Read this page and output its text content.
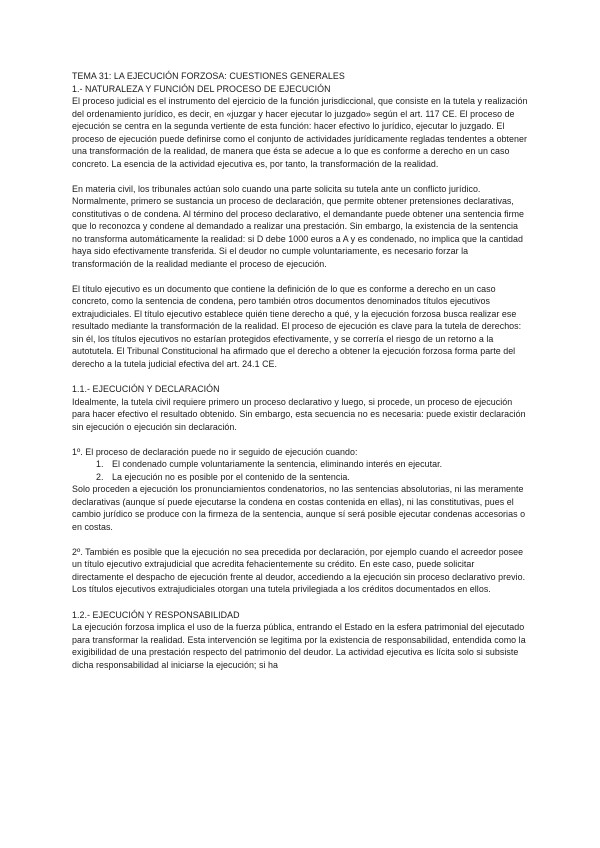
TEMA 31: LA EJECUCIÓN FORZOSA: CUESTIONES GENERALES
1.- NATURALEZA Y FUNCIÓN DEL PROCESO DE EJECUCIÓN

El proceso judicial es el instrumento del ejercicio de la función jurisdiccional, que consiste en la tutela y realización del ordenamiento jurídico, es decir, en «juzgar y hacer ejecutar lo juzgado» según el art. 117 CE. El proceso de ejecución se centra en la segunda vertiente de esta función: hacer efectivo lo jurídico, ejecutar lo juzgado. El proceso de ejecución puede definirse como el conjunto de actividades jurídicamente regladas tendentes a obtener una transformación de la realidad, de manera que ésta se adecue a lo que es conforme a derecho en un caso concreto. La esencia de la actividad ejecutiva es, por tanto, la transformación de la realidad.

En materia civil, los tribunales actúan solo cuando una parte solicita su tutela ante un conflicto jurídico. Normalmente, primero se sustancia un proceso de declaración, que permite obtener pretensiones declarativas, constitutivas o de condena. Al término del proceso declarativo, el demandante puede obtener una sentencia firme que lo reconozca y condene al demandado a realizar una prestación. Sin embargo, la existencia de la sentencia no transforma automáticamente la realidad: si D debe 1000 euros a A y es condenado, no implica que la cantidad haya sido efectivamente transferida. Si el deudor no cumple voluntariamente, es necesario forzar la transformación de la realidad mediante el proceso de ejecución.

El título ejecutivo es un documento que contiene la definición de lo que es conforme a derecho en un caso concreto, como la sentencia de condena, pero también otros documentos denominados títulos ejecutivos extrajudiciales. El título ejecutivo establece quién tiene derecho a qué, y la ejecución forzosa busca realizar ese resultado mediante la transformación de la realidad. El proceso de ejecución es clave para la tutela de derechos: sin él, los títulos ejecutivos no estarían protegidos efectivamente, y se correría el riesgo de un retorno a la autotutela. El Tribunal Constitucional ha afirmado que el derecho a obtener la ejecución forzosa forma parte del derecho a la tutela judicial efectiva del art. 24.1 CE.

1.1.- EJECUCIÓN Y DECLARACIÓN

Idealmente, la tutela civil requiere primero un proceso declarativo y luego, si procede, un proceso de ejecución para hacer efectivo el resultado obtenido. Sin embargo, esta secuencia no es necesaria: puede existir declaración sin ejecución o ejecución sin declaración.

1º. El proceso de declaración puede no ir seguido de ejecución cuando:

1. El condenado cumple voluntariamente la sentencia, eliminando interés en ejecutar.
2. La ejecución no es posible por el contenido de la sentencia.

Solo proceden a ejecución los pronunciamientos condenatorios, no las sentencias absolutorias, ni las meramente declarativas (aunque sí puede ejecutarse la condena en costas contenida en ellas), ni las constitutivas, pues el cambio jurídico se produce con la firmeza de la sentencia, aunque sí será posible ejecutar condenas accesorias o en costas.

2º. También es posible que la ejecución no sea precedida por declaración, por ejemplo cuando el acreedor posee un título ejecutivo extrajudicial que acredita fehacientemente su crédito. En este caso, puede solicitar directamente el despacho de ejecución frente al deudor, accediendo a la ejecución sin proceso declarativo previo. Los títulos ejecutivos extrajudiciales otorgan una tutela privilegiada a los créditos documentados en ellos.

1.2.- EJECUCIÓN Y RESPONSABILIDAD

La ejecución forzosa implica el uso de la fuerza pública, entrando el Estado en la esfera patrimonial del ejecutado para transformar la realidad. Esta intervención se legitima por la existencia de responsabilidad, entendida como la exigibilidad de una prestación respecto del patrimonio del deudor. La actividad ejecutiva es lícita solo si subsiste dicha responsabilidad al iniciarse la ejecución; si ha
